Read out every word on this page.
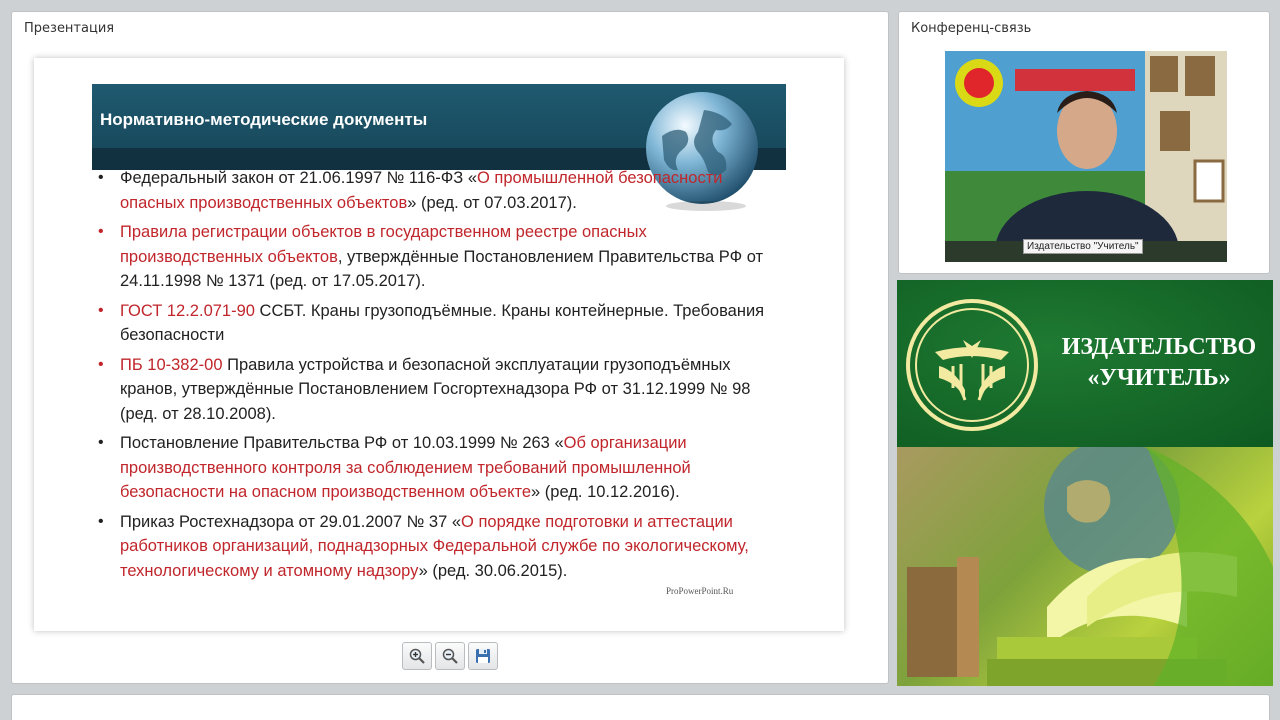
Презентация
Нормативно-методические документы
• Федеральный закон от 21.06.1997 № 116-ФЗ «О промышленной безопасности опасных производственных объектов» (ред. от 07.03.2017).
• Правила регистрации объектов в государственном реестре опасных производственных объектов, утверждённые Постановлением Правительства РФ от 24.11.1998 № 1371 (ред. от 17.05.2017).
• ГОСТ 12.2.071-90 ССБТ. Краны грузоподъёмные. Краны контейнерные. Требования безопасности
• ПБ 10-382-00 Правила устройства и безопасной эксплуатации грузоподъёмных кранов, утверждённые Постановлением Госгортехнадзора РФ от 31.12.1999 № 98 (ред. от 28.10.2008).
• Постановление Правительства РФ от 10.03.1999 № 263 «Об организации производственного контроля за соблюдением требований промышленной безопасности на опасном производственном объекте» (ред. 10.12.2016).
• Приказ Ростехнадзора от 29.01.2007 № 37 «О порядке подготовки и аттестации работников организаций, поднадзорных Федеральной службе по экологическому, технологическому и атомному надзору» (ред. 30.06.2015).
ProPowerPoint.Ru
Конференц-связь
Издательство "Учитель"
ИЗДАТЕЛЬСТВО
«УЧИТЕЛЬ»
